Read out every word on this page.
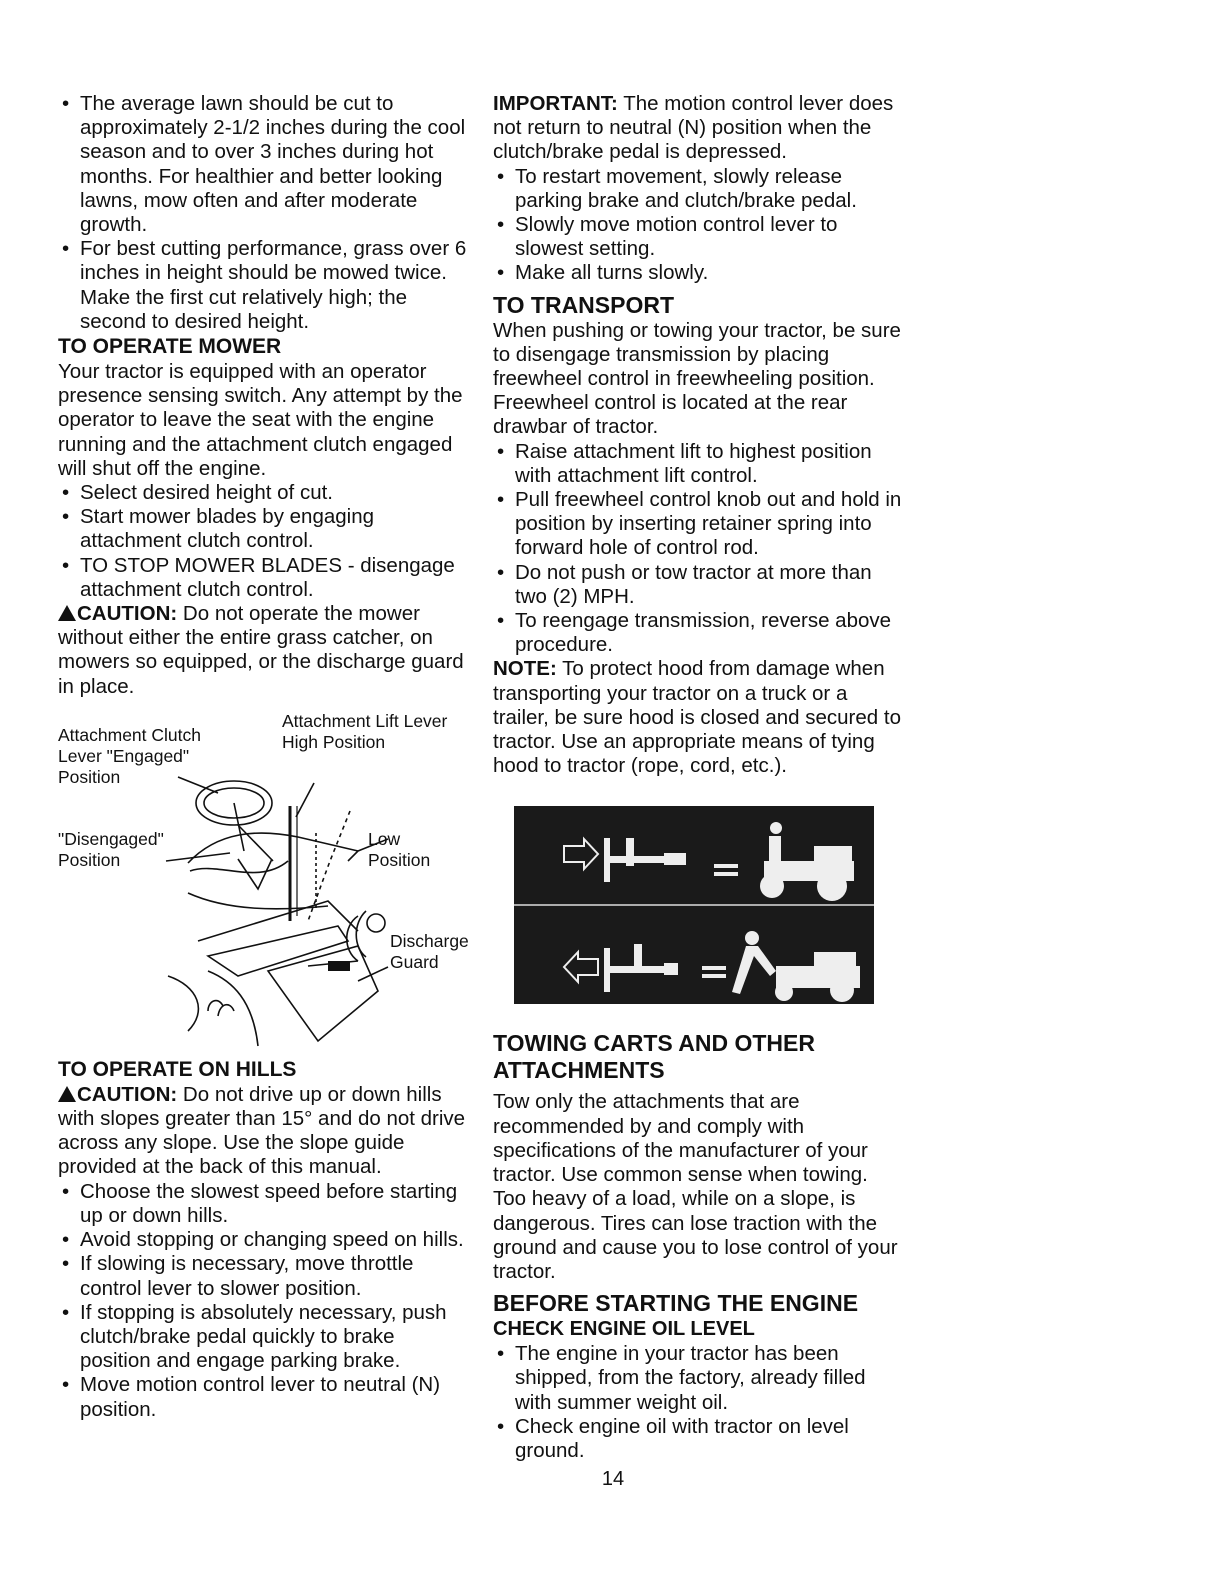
• The average lawn should be cut to approximately 2-1/2 inches during the cool season and to over 3 inches during hot months. For healthier and better looking lawns, mow often and after moderate growth.
• For best cutting performance, grass over 6 inches in height should be mowed twice. Make the first cut relatively high; the second to desired height.
TO OPERATE MOWER

Your tractor is equipped with an operator presence sensing switch. Any attempt by the operator to leave the seat with the engine running and the attachment clutch engaged will shut off the engine.

• Select desired height of cut.
• Start mower blades by engaging attachment clutch control.
• TO STOP MOWER BLADES - disengage attachment clutch control.

CAUTION: Do not operate the mower without either the entire grass catcher, on mowers so equipped, or the discharge guard in place.

Attachment Lift Lever High Position
Attachment Clutch Lever "Engaged" Position
"Disengaged" Position
Low Position
Discharge Guard
TO OPERATE ON HILLS

CAUTION: Do not drive up or down hills with slopes greater than 15° and do not drive across any slope. Use the slope guide provided at the back of this manual.

• Choose the slowest speed before starting up or down hills.
• Avoid stopping or changing speed on hills.
• If slowing is necessary, move throttle control lever to slower position.
• If stopping is absolutely necessary, push clutch/brake pedal quickly to brake position and engage parking brake.
• Move motion control lever to neutral (N) position.

IMPORTANT: The motion control lever does not return to neutral (N) position when the clutch/brake pedal is depressed.

• To restart movement, slowly release parking brake and clutch/brake pedal.
• Slowly move motion control lever to slowest setting.
• Make all turns slowly.
TO TRANSPORT

When pushing or towing your tractor, be sure to disengage transmission by placing freewheel control in freewheeling position. Freewheel control is located at the rear drawbar of tractor.

• Raise attachment lift to highest position with attachment lift control.
• Pull freewheel control knob out and hold in position by inserting retainer spring into forward hole of control rod.
• Do not push or tow tractor at more than two (2) MPH.
• To reengage transmission, reverse above procedure.

NOTE: To protect hood from damage when transporting your tractor on a truck or a trailer, be sure hood is closed and secured to tractor. Use an appropriate means of tying hood to tractor (rope, cord, etc.).

TOWING CARTS AND OTHER ATTACHMENTS

Tow only the attachments that are recommended by and comply with specifications of the manufacturer of your tractor. Use common sense when towing. Too heavy of a load, while on a slope, is dangerous. Tires can lose traction with the ground and cause you to lose control of your tractor.

BEFORE STARTING THE ENGINE
CHECK ENGINE OIL LEVEL
• The engine in your tractor has been shipped, from the factory, already filled with summer weight oil.
• Check engine oil with tractor on level ground.
14
